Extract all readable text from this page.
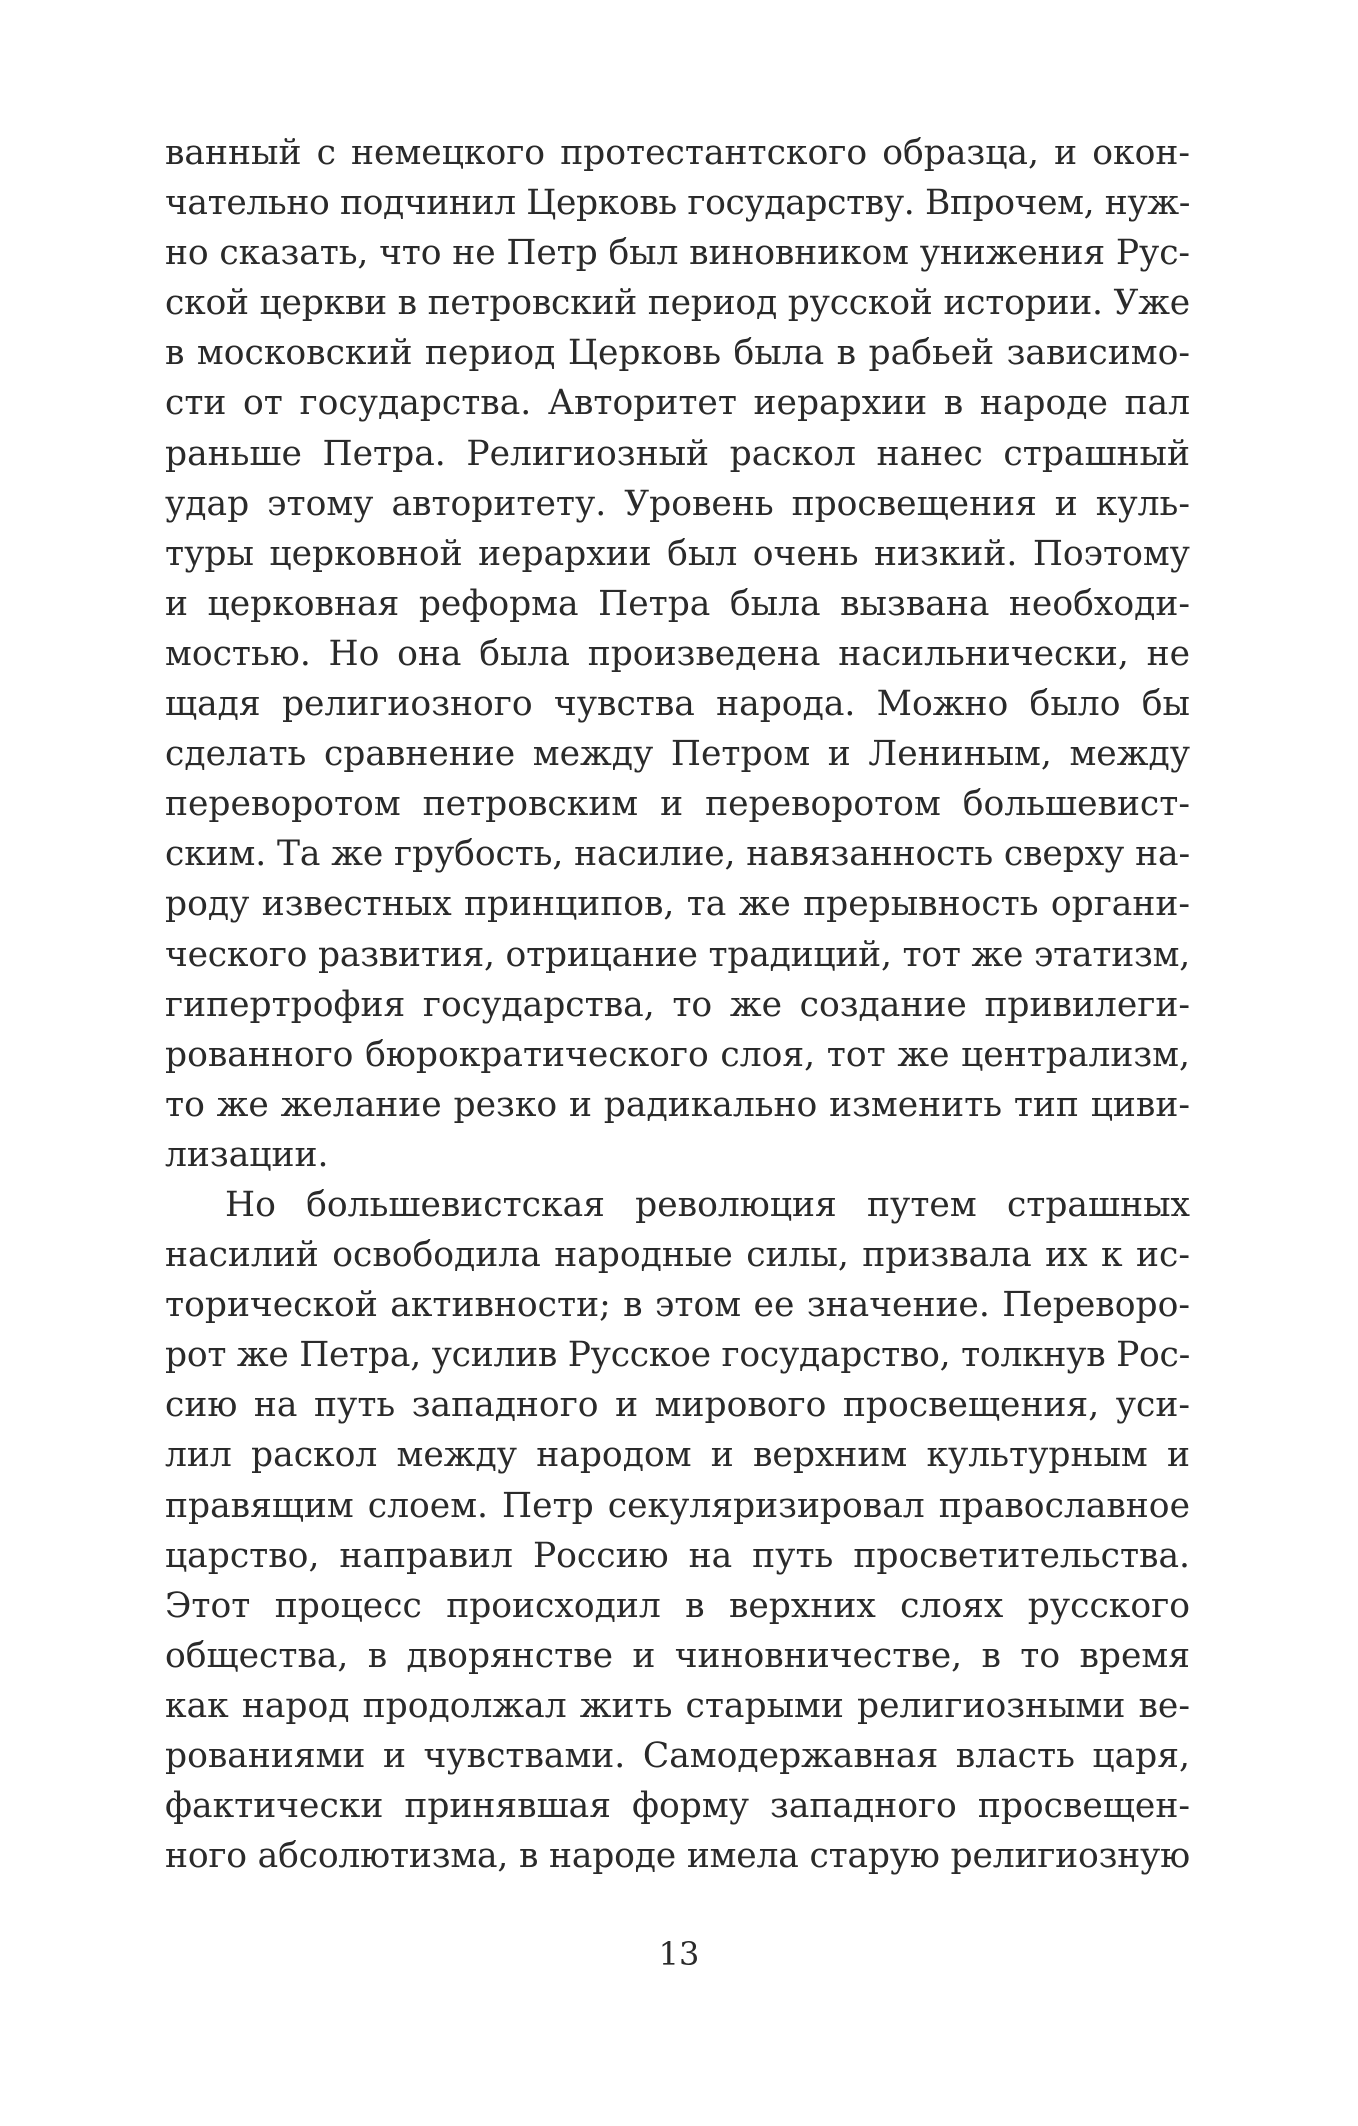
ванный с немецкого протестантского образца, и окон-
чательно подчинил Церковь государству. Впрочем, нуж-
но сказать, что не Петр был виновником унижения Рус-
ской церкви в петровский период русской истории. Уже
в московский период Церковь была в рабьей зависимо-
сти от государства. Авторитет иерархии в народе пал
раньше Петра. Религиозный раскол нанес страшный
удар этому авторитету. Уровень просвещения и куль-
туры церковной иерархии был очень низкий. Поэтому
и церковная реформа Петра была вызвана необходи-
мостью. Но она была произведена насильнически, не
щадя религиозного чувства народа. Можно было бы
сделать сравнение между Петром и Лениным, между
переворотом петровским и переворотом большевист-
ским. Та же грубость, насилие, навязанность сверху на-
роду известных принципов, та же прерывность органи-
ческого развития, отрицание традиций, тот же этатизм,
гипертрофия государства, то же создание привилеги-
рованного бюрократического слоя, тот же централизм,
то же желание резко и радикально изменить тип циви-
лизации.
Но большевистская революция путем страшных
насилий освободила народные силы, призвала их к ис-
торической активности; в этом ее значение. Переворо-
рот же Петра, усилив Русское государство, толкнув Рос-
сию на путь западного и мирового просвещения, уси-
лил раскол между народом и верхним культурным и
правящим слоем. Петр секуляризировал православное
царство, направил Россию на путь просветительства.
Этот процесс происходил в верхних слоях русского
общества, в дворянстве и чиновничестве, в то время
как народ продолжал жить старыми религиозными ве-
рованиями и чувствами. Самодержавная власть царя,
фактически принявшая форму западного просвещен-
ного абсолютизма, в народе имела старую религиозную
13
